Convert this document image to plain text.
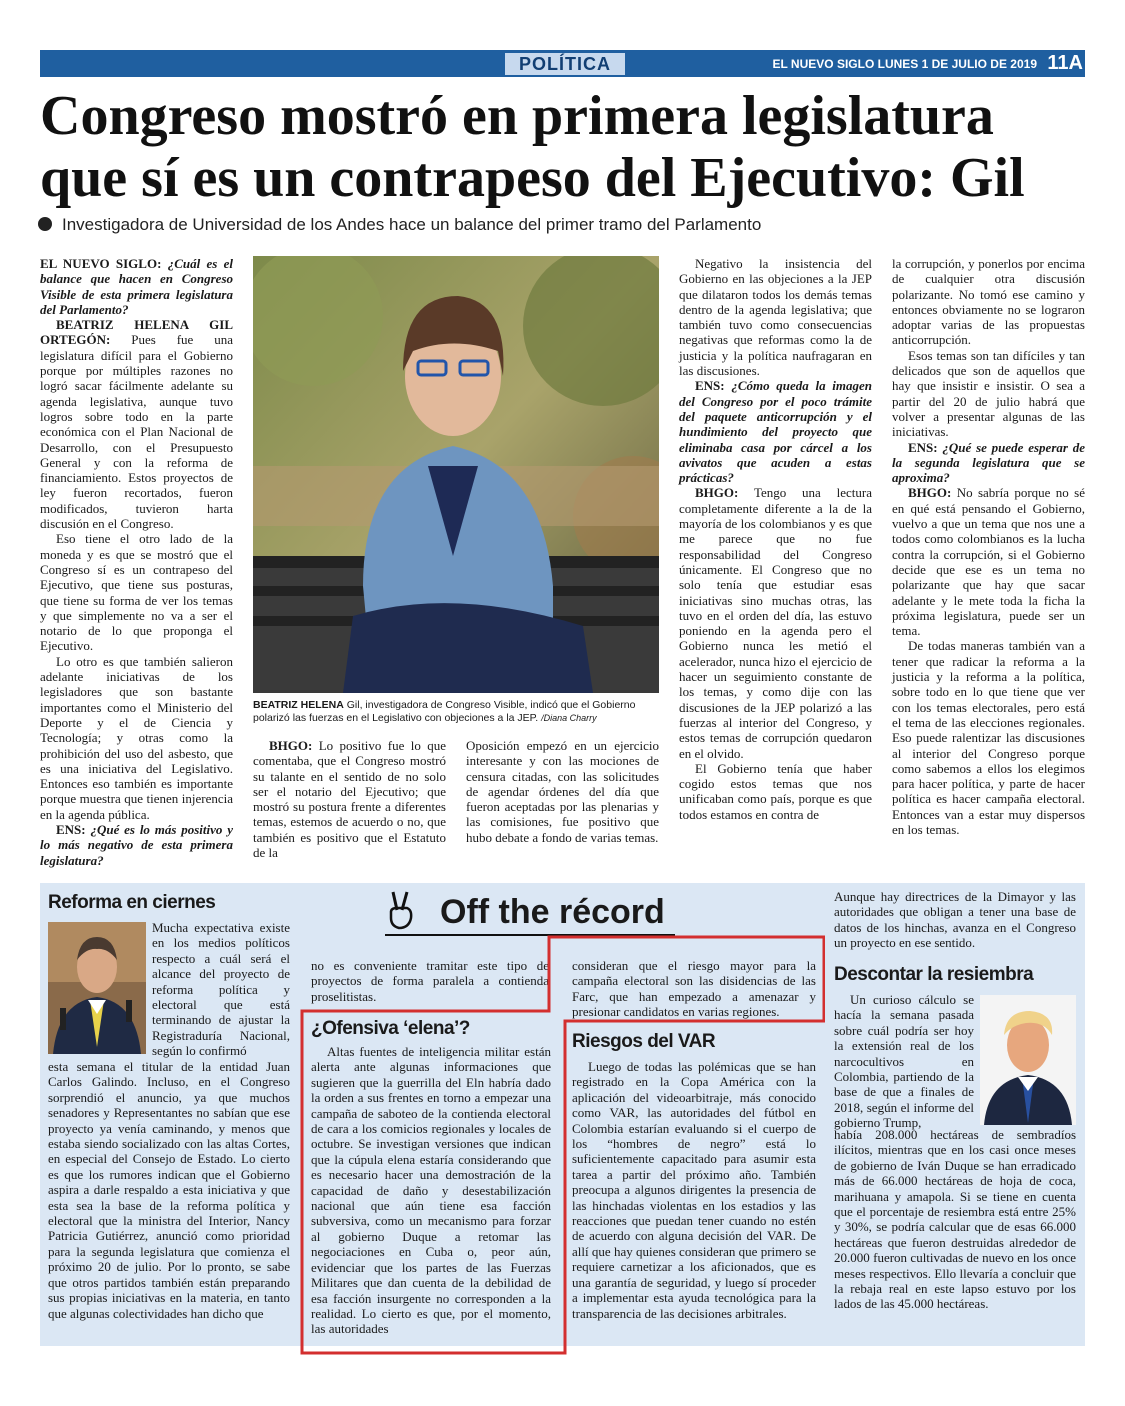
POLÍTICA	EL NUEVO SIGLO LUNES 1 DE JULIO DE 2019 11A
Congreso mostró en primera legislatura
que sí es un contrapeso del Ejecutivo: Gil
Investigadora de Universidad de los Andes hace un balance del primer tramo del Parlamento

EL NUEVO SIGLO: ¿Cuál es el balance que hacen en Congreso Visible de esta primera legislatura del Parlamento?

BEATRIZ HELENA GIL ORTEGÓN: Pues fue una legislatura difícil para el Gobierno porque por múltiples razones no logró sacar fácilmente adelante su agenda legislativa, aunque tuvo logros sobre todo en la parte económica con el Plan Nacional de Desarrollo, con el Presupuesto General y con la reforma de financiamiento. Estos proyectos de ley fueron recortados, fueron modificados, tuvieron harta discusión en el Congreso.

Eso tiene el otro lado de la moneda y es que se mostró que el Congreso sí es un contrapeso del Ejecutivo, que tiene sus posturas, que tiene su forma de ver los temas y que simplemente no va a ser el notario de lo que proponga el Ejecutivo.

Lo otro es que también salieron adelante iniciativas de los legisladores que son bastante importantes como el Ministerio del Deporte y el de Ciencia y Tecnología; y otras como la prohibición del uso del asbesto, que es una iniciativa del Legislativo. Entonces eso también es importante porque muestra que tienen injerencia en la agenda pública.

ENS: ¿Qué es lo más positivo y lo más negativo de esta primera legislatura?

BEATRIZ HELENA Gil, investigadora de Congreso Visible, indicó que el Gobierno polarizó las fuerzas en el Legislativo con objeciones a la JEP. /Diana Charry

BHGO: Lo positivo fue lo que comentaba, que el Congreso mostró su talante en el sentido de no solo ser el notario del Ejecutivo; que mostró su postura frente a diferentes temas, estemos de acuerdo o no, que también es positivo que el Estatuto de la

Oposición empezó en un ejercicio interesante y con las mociones de censura citadas, con las solicitudes de agendar órdenes del día que fueron aceptadas por las plenarias y las comisiones, fue positivo que hubo debate a fondo de varias temas.

Negativo la insistencia del Gobierno en las objeciones a la JEP que dilataron todos los demás temas dentro de la agenda legislativa; que también tuvo como consecuencias negativas que reformas como la de justicia y la política naufragaran en las discusiones.

ENS: ¿Cómo queda la imagen del Congreso por el poco trámite del paquete anticorrupción y el hundimiento del proyecto que eliminaba casa por cárcel a los avivatos que acuden a estas prácticas?

BHGO: Tengo una lectura completamente diferente a la de la mayoría de los colombianos y es que me parece que no fue responsabilidad del Congreso únicamente. El Congreso que no solo tenía que estudiar esas iniciativas sino muchas otras, las tuvo en el orden del día, las estuvo poniendo en la agenda pero el Gobierno nunca les metió el acelerador, nunca hizo el ejercicio de hacer un seguimiento constante de los temas, y como dije con las discusiones de la JEP polarizó a las fuerzas al interior del Congreso, y estos temas de corrupción quedaron en el olvido.

El Gobierno tenía que haber cogido estos temas que nos unificaban como país, porque es que todos estamos en contra de

la corrupción, y ponerlos por encima de cualquier otra discusión polarizante. No tomó ese camino y entonces obviamente no se lograron adoptar varias de las propuestas anticorrupción.

Esos temas son tan difíciles y tan delicados que son de aquellos que hay que insistir e insistir. O sea a partir del 20 de julio habrá que volver a presentar algunas de las iniciativas.

ENS: ¿Qué se puede esperar de la segunda legislatura que se aproxima?

BHGO: No sabría porque no sé en qué está pensando el Gobierno, vuelvo a que un tema que nos une a todos como colombianos es la lucha contra la corrupción, si el Gobierno decide que ese es un tema no polarizante que hay que sacar adelante y le mete toda la ficha la próxima legislatura, puede ser un tema.

De todas maneras también van a tener que radicar la reforma a la justicia y la reforma a la política, sobre todo en lo que tiene que ver con los temas electorales, pero está el tema de las elecciones regionales. Eso puede ralentizar las discusiones al interior del Congreso porque como sabemos a ellos los elegimos para hacer política, y parte de hacer política es hacer campaña electoral. Entonces van a estar muy dispersos en los temas.

Off the récord
Reforma en ciernes
Mucha expectativa existe en los medios políticos respecto a cuál será el alcance del proyecto de reforma política y electoral que está terminando de ajustar la Registraduría Nacional, según lo confirmó
esta semana el titular de la entidad Juan Carlos Galindo. Incluso, en el Congreso sorprendió el anuncio, ya que muchos senadores y Representantes no sabían que ese proyecto ya venía caminando, y menos que estaba siendo socializado con las altas Cortes, en especial del Consejo de Estado. Lo cierto es que los rumores indican que el Gobierno aspira a darle respaldo a esta iniciativa y que esta sea la base de la reforma política y electoral que la ministra del Interior, Nancy Patricia Gutiérrez, anunció como prioridad para la segunda legislatura que comienza el próximo 20 de julio. Por lo pronto, se sabe que otros partidos también están preparando sus propias iniciativas en la materia, en tanto que algunas colectividades han dicho que
no es conveniente tramitar este tipo de proyectos de forma paralela a contienda proselitistas.
¿Ofensiva ‘elena’?

Altas fuentes de inteligencia militar están alerta ante algunas informaciones que sugieren que la guerrilla del Eln habría dado la orden a sus frentes en torno a empezar una campaña de saboteo de la contienda electoral de cara a los comicios regionales y locales de octubre. Se investigan versiones que indican que la cúpula elena estaría considerando que es necesario hacer una demostración de la capacidad de daño y desestabilización nacional que aún tiene esa facción subversiva, como un mecanismo para forzar al gobierno Duque a retomar las negociaciones en Cuba o, peor aún, evidenciar que los partes de las Fuerzas Militares que dan cuenta de la debilidad de esa facción insurgente no corresponden a la realidad. Lo cierto es que, por el momento, las autoridades

consideran que el riesgo mayor para la campaña electoral son las disidencias de las Farc, que han empezado a amenazar y presionar candidatos en varias regiones.
Riesgos del VAR

Luego de todas las polémicas que se han registrado en la Copa América con la aplicación del videoarbitraje, más conocido como VAR, las autoridades del fútbol en Colombia estarían evaluando si el cuerpo de los “hombres de negro” está lo suficientemente capacitado para asumir esta tarea a partir del próximo año. También preocupa a algunos dirigentes la presencia de las hinchadas violentas en los estadios y las reacciones que puedan tener cuando no estén de acuerdo con alguna decisión del VAR. De allí que hay quienes consideran que primero se requiere carnetizar a los aficionados, que es una garantía de seguridad, y luego sí proceder a implementar esta ayuda tecnológica para la transparencia de las decisiones arbitrales.

Aunque hay directrices de la Dimayor y las autoridades que obligan a tener una base de datos de los hinchas, avanza en el Congreso un proyecto en ese sentido.
Descontar la resiembra

Un curioso cálculo se hacía la semana pasada sobre cuál podría ser hoy la extensión real de los narcocultivos en Colombia, partiendo de la base de que a finales de 2018, según el informe del gobierno Trump,

había 208.000 hectáreas de sembradíos ilícitos, mientras que en los casi once meses de gobierno de Iván Duque se han erradicado más de 66.000 hectáreas de hoja de coca, marihuana y amapola. Si se tiene en cuenta que el porcentaje de resiembra está entre 25% y 30%, se podría calcular que de esas 66.000 hectáreas que fueron destruidas alrededor de 20.000 fueron cultivadas de nuevo en los once meses respectivos. Ello llevaría a concluir que la rebaja real en este lapso estuvo por los lados de las 45.000 hectáreas.
